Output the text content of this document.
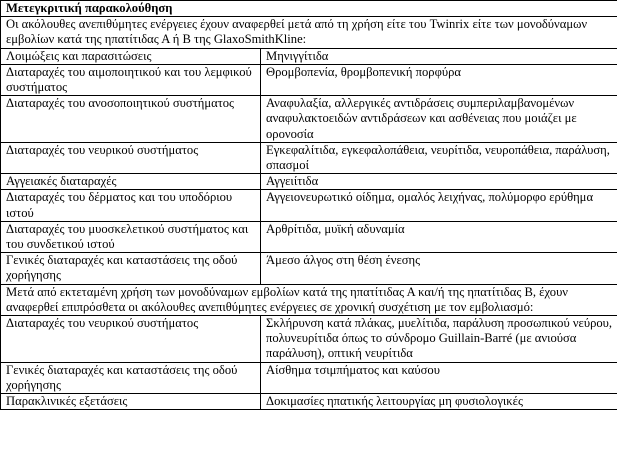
Μετεγκριτική παρακολούθηση	
Οι ακόλουθες ανεπιθύμητες ενέργειες έχουν αναφερθεί μετά από τη χρήση είτε του Twinrix είτε των μονοδύναμων εμβολίων κατά της ηπατίτιδας Α ή Β της GlaxoSmithKline:	
Λοιμώξεις και παρασιτώσεις	Μηνιγγίτιδα
Διαταραχές του αιμοποιητικού και του λεμφικού συστήματος	Θρομβοπενία, θρομβοπενική πορφύρα
Διαταραχές του ανοσοποιητικού συστήματος	Αναφυλαξία, αλλεργικές αντιδράσεις συμπεριλαμβανομένων αναφυλακτοειδών αντιδράσεων και ασθένειας που μοιάζει με ορονοσία
Διαταραχές του νευρικού συστήματος	Εγκεφαλίτιδα, εγκεφαλοπάθεια, νευρίτιδα, νευροπάθεια, παράλυση, σπασμοί
Αγγειακές διαταραχές	Αγγειίτιδα
Διαταραχές του δέρματος και του υποδόριου ιστού	Αγγειονευρωτικό οίδημα, ομαλός λειχήνας, πολύμορφο ερύθημα
Διαταραχές του μυοσκελετικού συστήματος και του συνδετικού ιστού	Αρθρίτιδα, μυϊκή αδυναμία
Γενικές διαταραχές και καταστάσεις της οδού χορήγησης	Άμεσο άλγος στη θέση ένεσης
Μετά από εκτεταμένη χρήση των μονοδύναμων εμβολίων κατά της ηπατίτιδας Α και/ή της ηπατίτιδας Β, έχουν αναφερθεί επιπρόσθετα οι ακόλουθες ανεπιθύμητες ενέργειες σε χρονική συσχέτιση με τον εμβολιασμό:	
Διαταραχές του νευρικού συστήματος	Σκλήρυνση κατά πλάκας, μυελίτιδα, παράλυση προσωπικού νεύρου, πολυνευρίτιδα όπως το σύνδρομο Guillain-Barré (με ανιούσα παράλυση), οπτική νευρίτιδα
Γενικές διαταραχές και καταστάσεις της οδού χορήγησης	Αίσθημα τσιμπήματος και καύσου
Παρακλινικές εξετάσεις	Δοκιμασίες ηπατικής λειτουργίας μη φυσιολογικές
